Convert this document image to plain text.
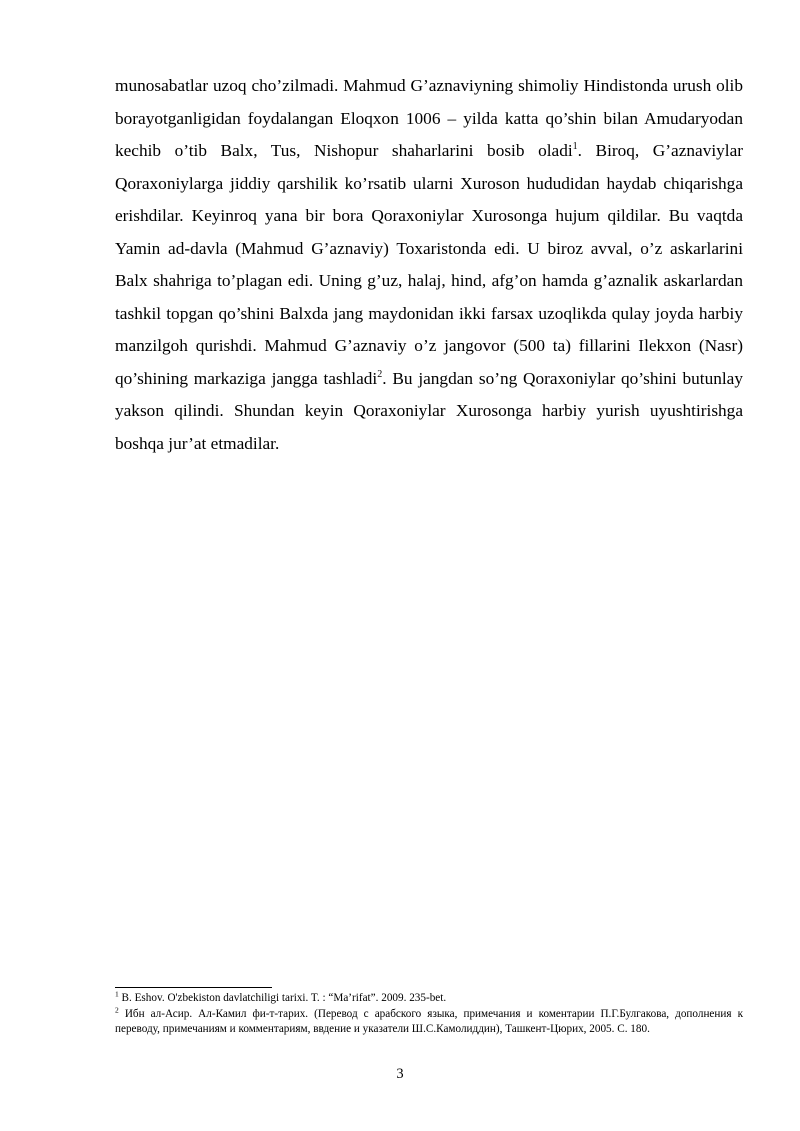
munosabatlar uzoq cho’zilmadi. Mahmud G’aznaviyning shimoliy Hindistonda urush olib borayotganligidan foydalangan Eloqxon 1006 – yilda katta qo’shin bilan Amudaryodan kechib o’tib Balx, Tus, Nishopur shaharlarini bosib oladi$^1$. Biroq, G’aznaviylar Qoraxoniylarga jiddiy qarshilik ko’rsatib ularni Xuroson hududidan haydab chiqarishga erishdilar. Keyinroq yana bir bora Qoraxoniylar Xurosonga hujum qildilar. Bu vaqtda Yamin ad-davla (Mahmud G’aznaviy) Toxaristonda edi. U biroz avval, o’z askarlarini Balx shahriga to’plagan edi. Uning g’uz, halaj, hind, afg’on hamda g’aznalik askarlardan tashkil topgan qo’shini Balxda jang maydonidan ikki farsax uzoqlikda qulay joyda harbiy manzilgoh qurishdi. Mahmud G’aznaviy o’z jangovor (500 ta) fillarini Ilekxon (Nasr) qo’shining markaziga jangga tashladi$^2$. Bu jangdan so’ng Qoraxoniylar qo’shini butunlay yakson qilindi. Shundan keyin Qoraxoniylar Xurosonga harbiy yurish uyushtirishga boshqa jur’at etmadilar.

$^1$ B. Eshov. O'zbekiston davlatchiligi tarixi. T. : “Ma’rifat”. 2009. 235-bet.

$^2$ Ибн ал-Асир. Ал-Камил фи-т-тарих. (Перевод с арабского языка, примечания и коментарии П.Г.Булгакова, дополнения к переводу, примечаниям и комментариям, ввдение и указатели Ш.С.Камолиддин), Ташкент-Цюрих, 2005. С. 180.

3
